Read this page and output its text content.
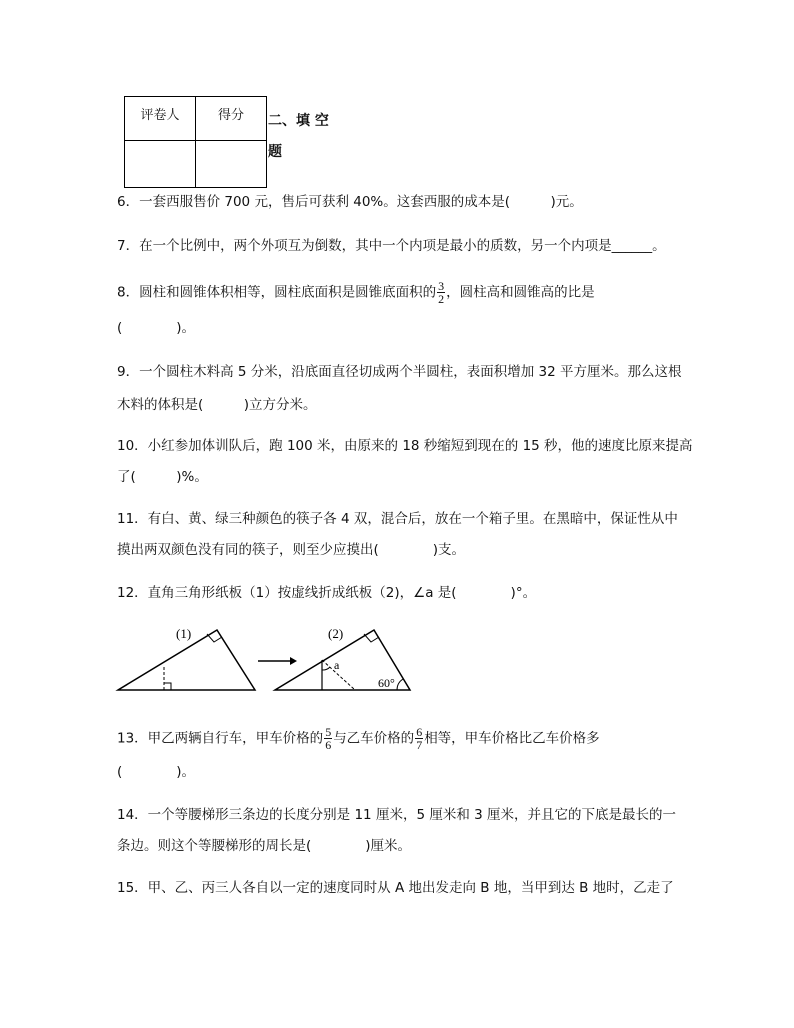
评卷人	得分
	二、填 空
题
6．一套西服售价 700 元，售后可获利 40%。这套西服的成本是(　　　)元。
7．在一个比例中，两个外项互为倒数，其中一个内项是最小的质数，另一个内项是______。
8．圆柱和圆锥体积相等，圆柱底面积是圆锥底面积的 $\frac{3}{2}$ ，圆柱高和圆锥高的比是
(　　　　)。
9．一个圆柱木料高 5 分米，沿底面直径切成两个半圆柱，表面积增加 32 平方厘米。那么这根
木料的体积是(　　　)立方分米。
10．小红参加体训队后，跑 100 米，由原来的 18 秒缩短到现在的 15 秒，他的速度比原来提高
了(　　　)%。
11．有白、黄、绿三种颜色的筷子各 4 双，混合后，放在一个箱子里。在黑暗中，保证性从中
摸出两双颜色没有同的筷子，则至少应摸出(　　　　)支。
12．直角三角形纸板（1）按虚线折成纸板（2)，∠a 是(　　　　)°。
(1)
a
60°
(2)
13．甲乙两辆自行车，甲车价格的 $\frac{5}{6}$ 与乙车价格的 $\frac{6}{7}$ 相等，甲车价格比乙车价格多
(　　　　)。
14．一个等腰梯形三条边的长度分别是 11 厘米，5 厘米和 3 厘米，并且它的下底是最长的一
条边。则这个等腰梯形的周长是(　　　　)厘米。
15．甲、乙、丙三人各自以一定的速度同时从 A 地出发走向 B 地，当甲到达 B 地时，乙走了
